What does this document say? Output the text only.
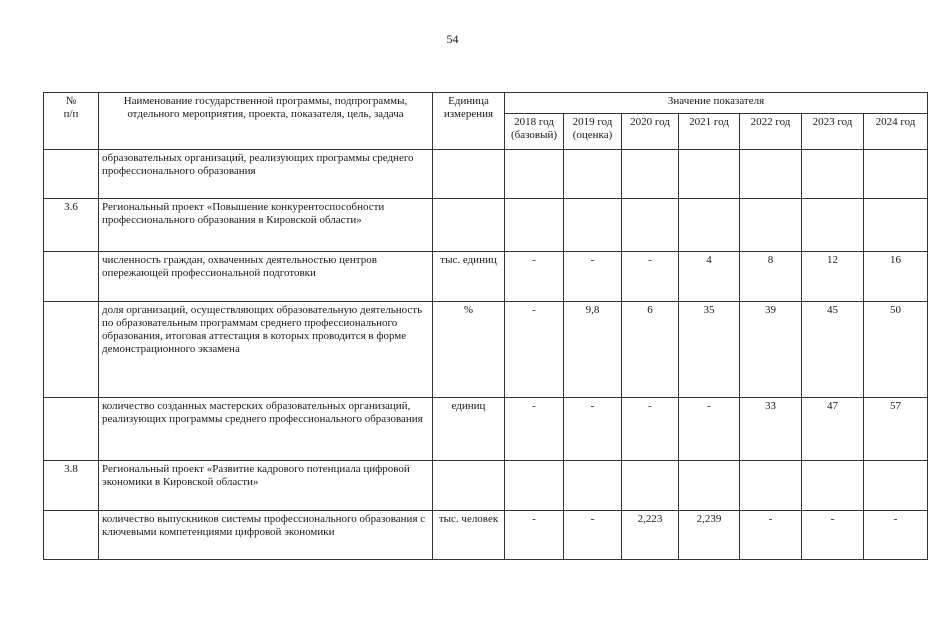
54
№
п/п	Наименование государственной программы, подпрограммы, отдельного мероприятия, проекта, показателя, цель, задача	Единица измерения	Значение показателя						
			2018 год (базовый)	2019 год (оценка)	2020 год	2021 год	2022 год	2023 год	2024 год
	образовательных организаций, реализующих программы среднего профессионального образования								
3.6	Региональный проект «Повышение конкурентоспособности профессионального образования в Кировской области»								
	численность граждан, охваченных деятельностью центров опережающей профессиональной подготовки	тыс. единиц	-	-	-	4	8	12	16
	доля организаций, осуществляющих образовательную деятельность по образовательным программам среднего профессионального образования, итоговая аттестация в которых проводится в форме демонстрационного экзамена	%	-	9,8	6	35	39	45	50
	количество созданных мастерских образовательных организаций, реализующих программы среднего профессионального образования	единиц	-	-	-	-	33	47	57
3.8	Региональный проект «Развитие кадрового потенциала цифровой экономики в Кировской области»								
	количество выпускников системы профессионального образования с ключевыми компетенциями цифровой экономики	тыс. человек	-	-	2,223	2,239	-	-	-
